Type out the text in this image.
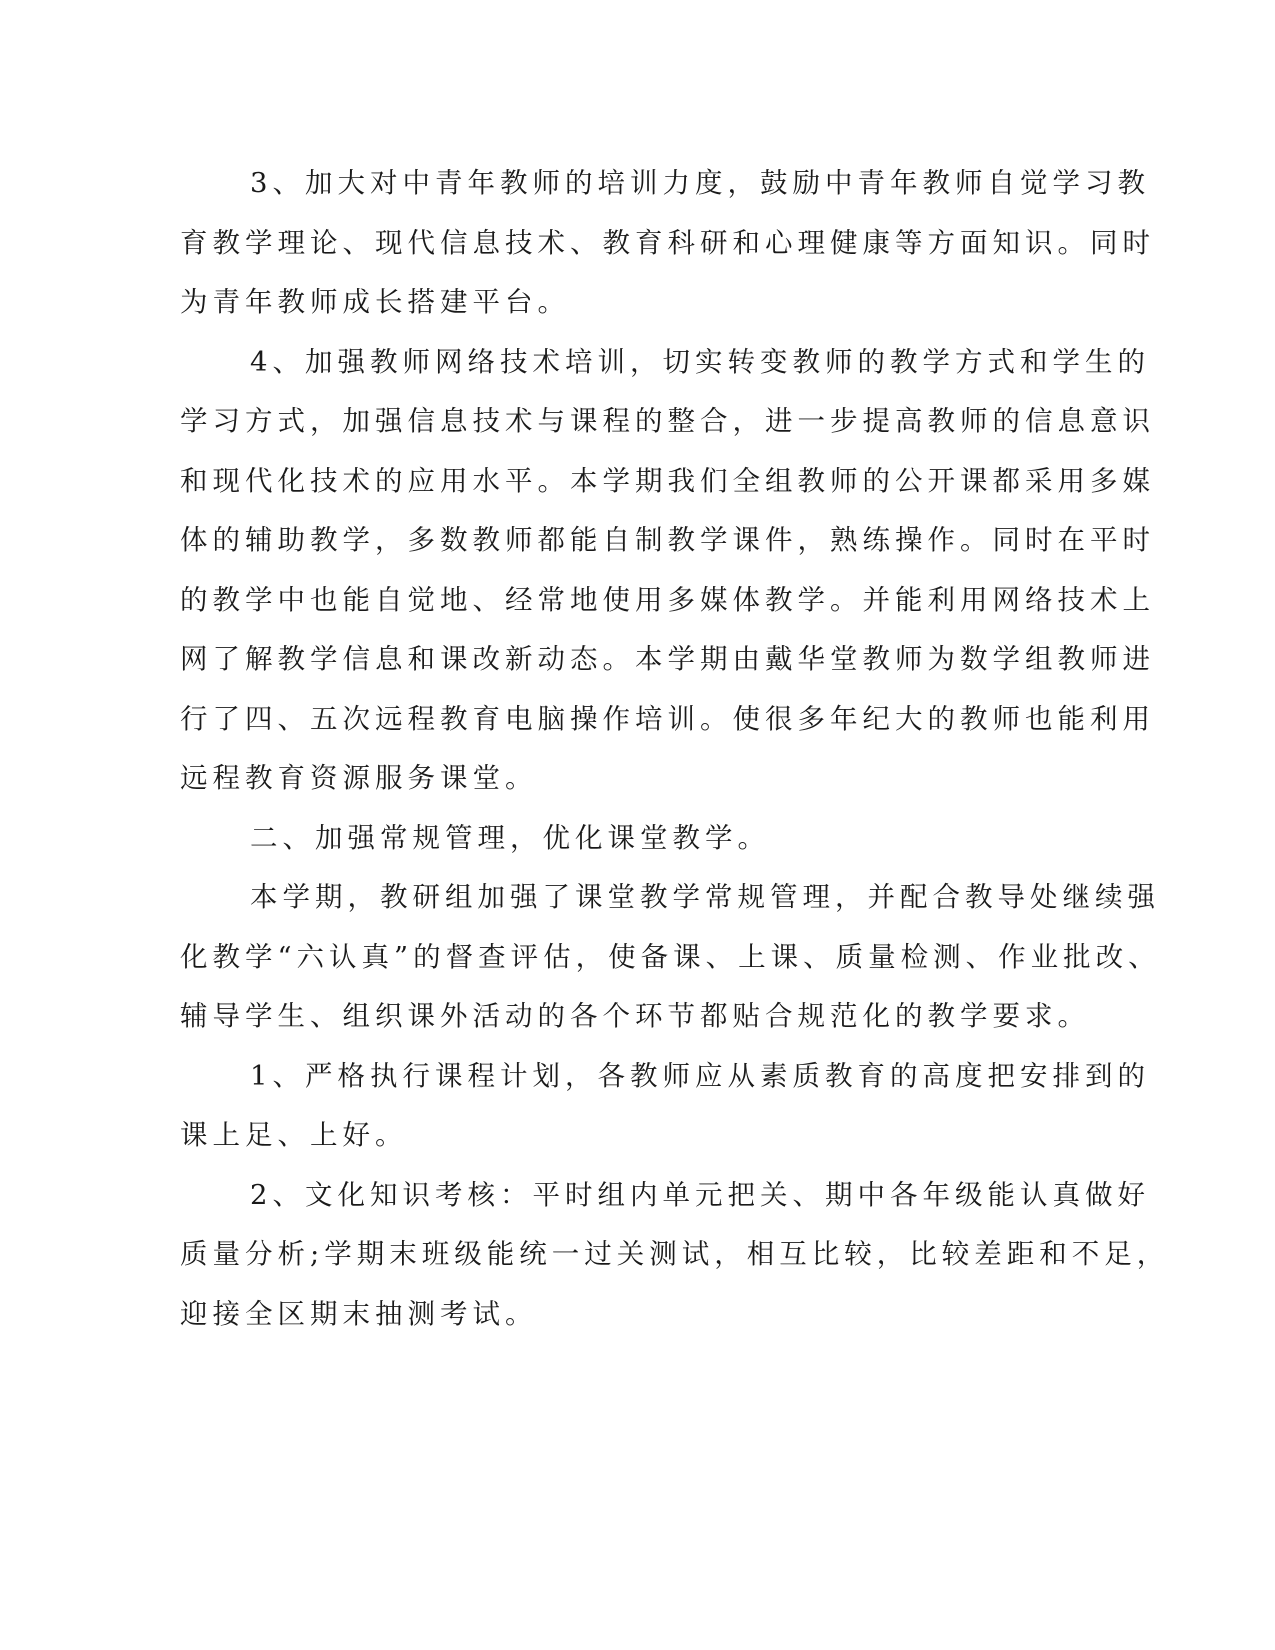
3、加大对中青年教师的培训力度，鼓励中青年教师自觉学习教
育教学理论、现代信息技术、教育科研和心理健康等方面知识。同时
为青年教师成长搭建平台。

4、加强教师网络技术培训，切实转变教师的教学方式和学生的
学习方式，加强信息技术与课程的整合，进一步提高教师的信息意识
和现代化技术的应用水平。本学期我们全组教师的公开课都采用多媒
体的辅助教学，多数教师都能自制教学课件，熟练操作。同时在平时
的教学中也能自觉地、经常地使用多媒体教学。并能利用网络技术上
网了解教学信息和课改新动态。本学期由戴华堂教师为数学组教师进
行了四、五次远程教育电脑操作培训。使很多年纪大的教师也能利用
远程教育资源服务课堂。

二、加强常规管理，优化课堂教学。

本学期，教研组加强了课堂教学常规管理，并配合教导处继续强
化教学“六认真”的督查评估，使备课、上课、质量检测、作业批改、
辅导学生、组织课外活动的各个环节都贴合规范化的教学要求。

1、严格执行课程计划，各教师应从素质教育的高度把安排到的
课上足、上好。

2、文化知识考核：平时组内单元把关、期中各年级能认真做好
质量分析;学期末班级能统一过关测试，相互比较，比较差距和不足，
迎接全区期末抽测考试。
